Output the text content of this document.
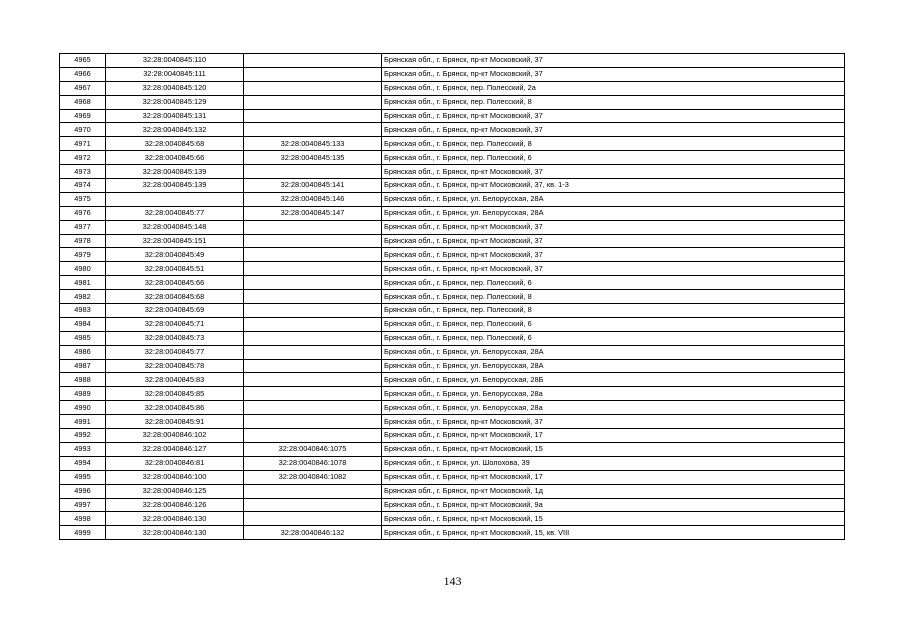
4965	32:28:0040845:110		Брянская обл., г. Брянск, пр-кт Московский, 37
4966	32:28:0040845:111		Брянская обл., г. Брянск, пр-кт Московский, 37
4967	32:28:0040845:120		Брянская обл., г. Брянск, пер. Полесский, 2а
4968	32:28:0040845:129		Брянская обл., г. Брянск, пер. Полесский, 8
4969	32:28:0040845:131		Брянская обл., г. Брянск, пр-кт Московский, 37
4970	32:28:0040845:132		Брянская обл., г. Брянск, пр-кт Московский, 37
4971	32:28:0040845:68	32:28:0040845:133	Брянская обл., г. Брянск, пер. Полесский, 8
4972	32:28:0040845:66	32:28:0040845:135	Брянская обл., г. Брянск, пер. Полесский, 6
4973	32:28:0040845:139		Брянская обл., г. Брянск, пр-кт Московский, 37
4974	32:28:0040845:139	32:28:0040845:141	Брянская обл., г. Брянск, пр-кт Московский, 37, кв. 1-3
4975		32:28:0040845:146	Брянская обл., г. Брянск, ул. Белорусская, 28А
4976	32:28:0040845:77	32:28:0040845:147	Брянская обл., г. Брянск, ул. Белорусская, 28А
4977	32:28:0040845:148		Брянская обл., г. Брянск, пр-кт Московский, 37
4978	32:28:0040845:151		Брянская обл., г. Брянск, пр-кт Московский, 37
4979	32:28:0040845:49		Брянская обл., г. Брянск, пр-кт Московский, 37
4980	32:28:0040845:51		Брянская обл., г. Брянск, пр-кт Московский, 37
4981	32:28:0040845:66		Брянская обл., г. Брянск, пер. Полесский, 6
4982	32:28:0040845:68		Брянская обл., г. Брянск, пер. Полесский, 8
4983	32:28:0040845:69		Брянская обл., г. Брянск, пер. Полесский, 8
4984	32:28:0040845:71		Брянская обл., г. Брянск, пер. Полесский, 6
4985	32:28:0040845:73		Брянская обл., г. Брянск, пер. Полесский, 6
4986	32:28:0040845:77		Брянская обл., г. Брянск, ул. Белорусская, 28А
4987	32:28:0040845:78		Брянская обл., г. Брянск, ул. Белорусская, 28А
4988	32:28:0040845:83		Брянская обл., г. Брянск, ул. Белорусская, 28Б
4989	32:28:0040845:85		Брянская обл., г. Брянск, ул. Белорусская, 28а
4990	32:28:0040845:86		Брянская обл., г. Брянск, ул. Белорусская, 28а
4991	32:28:0040845:91		Брянская обл., г. Брянск, пр-кт Московский, 37
4992	32:28:0040846:102		Брянская обл., г. Брянск, пр-кт Московский, 17
4993	32:28:0040846:127	32:28:0040846:1075	Брянская обл., г. Брянск, пр-кт Московский, 15
4994	32:28:0040846:81	32:28:0040846:1078	Брянская обл., г. Брянск, ул. Шолохова, 39
4995	32:28:0040846:100	32:28:0040846:1082	Брянская обл., г. Брянск, пр-кт Московский, 17
4996	32:28:0040846:125		Брянская обл., г. Брянск, пр-кт Московский, 1д
4997	32:28:0040846:126		Брянская обл., г. Брянск, пр-кт Московский, 9а
4998	32:28:0040846:130		Брянская обл., г. Брянск, пр-кт Московский, 15
4999	32:28:0040846:130	32:28:0040846:132	Брянская обл., г. Брянск, пр-кт Московский, 15, кв. VIII
143
